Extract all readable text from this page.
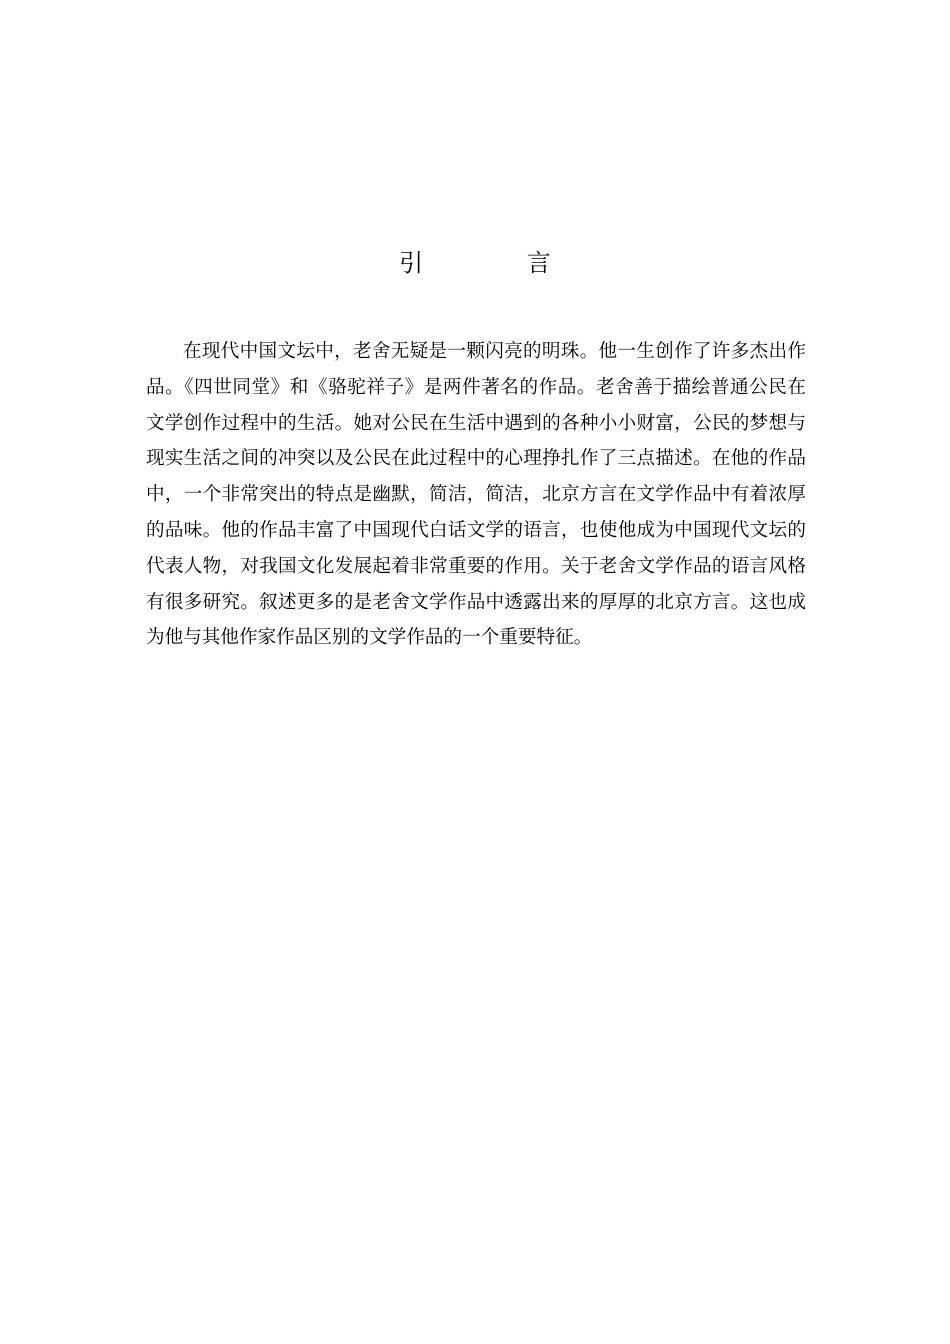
引 言

在现代中国文坛中，老舍无疑是一颗闪亮的明珠。他一生创作了许多杰出作品。《四世同堂》和《骆驼祥子》是两件著名的作品。老舍善于描绘普通公民在文学创作过程中的生活。她对公民在生活中遇到的各种小小财富，公民的梦想与现实生活之间的冲突以及公民在此过程中的心理挣扎作了三点描述。在他的作品中，一个非常突出的特点是幽默，简洁，简洁，北京方言在文学作品中有着浓厚的品味。他的作品丰富了中国现代白话文学的语言，也使他成为中国现代文坛的代表人物，对我国文化发展起着非常重要的作用。关于老舍文学作品的语言风格有很多研究。叙述更多的是老舍文学作品中透露出来的厚厚的北京方言。这也成为他与其他作家作品区别的文学作品的一个重要特征。
